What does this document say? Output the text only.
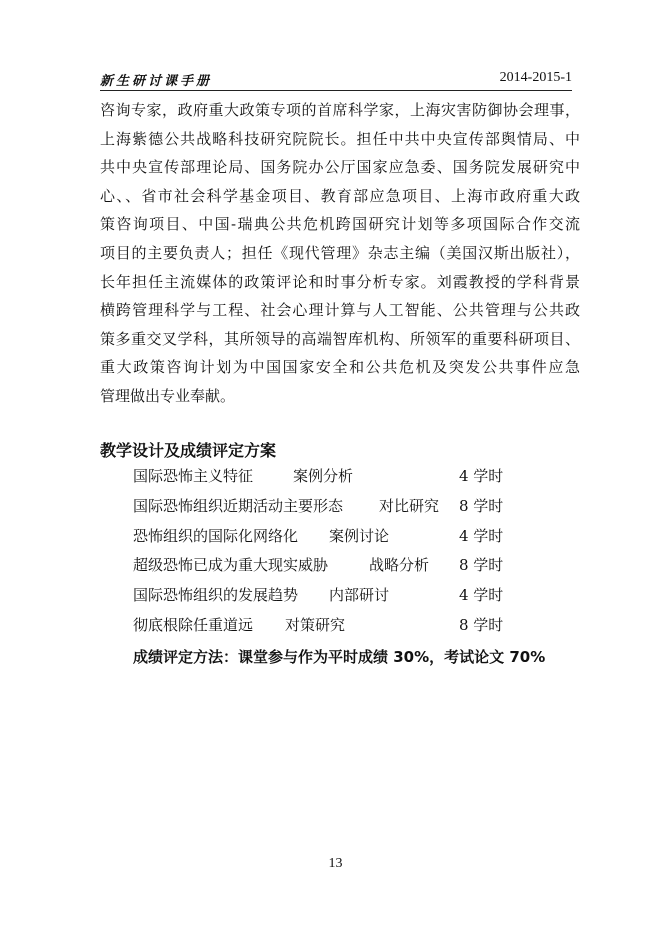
新生研讨课手册	2014-2015-1
咨询专家，政府重大政策专项的首席科学家，上海灾害防御协会理事，
上海紫德公共战略科技研究院院长。担任中共中央宣传部舆情局、中
共中央宣传部理论局、国务院办公厅国家应急委、国务院发展研究中
心、、省市社会科学基金项目、教育部应急项目、上海市政府重大政
策咨询项目、中国-瑞典公共危机跨国研究计划等多项国际合作交流
项目的主要负责人；担任《现代管理》杂志主编（美国汉斯出版社），
长年担任主流媒体的政策评论和时事分析专家。刘霞教授的学科背景
横跨管理科学与工程、社会心理计算与人工智能、公共管理与公共政
策多重交叉学科，其所领导的高端智库机构、所领军的重要科研项目、
重大政策咨询计划为中国国家安全和公共危机及突发公共事件应急
管理做出专业奉献。
教学设计及成绩评定方案
国际恐怖主义特征	案例分析	4 学时
国际恐怖组织近期活动主要形态 对比研究 8 学时
恐怖组织的国际化网络化 案例讨论	4 学时
超级恐怖已成为重大现实威胁	战略分析 8 学时
国际恐怖组织的发展趋势 内部研讨	4 学时
彻底根除任重道远 对策研究	8 学时
成绩评定方法：课堂参与作为平时成绩 30%，考试论文 70%
13
